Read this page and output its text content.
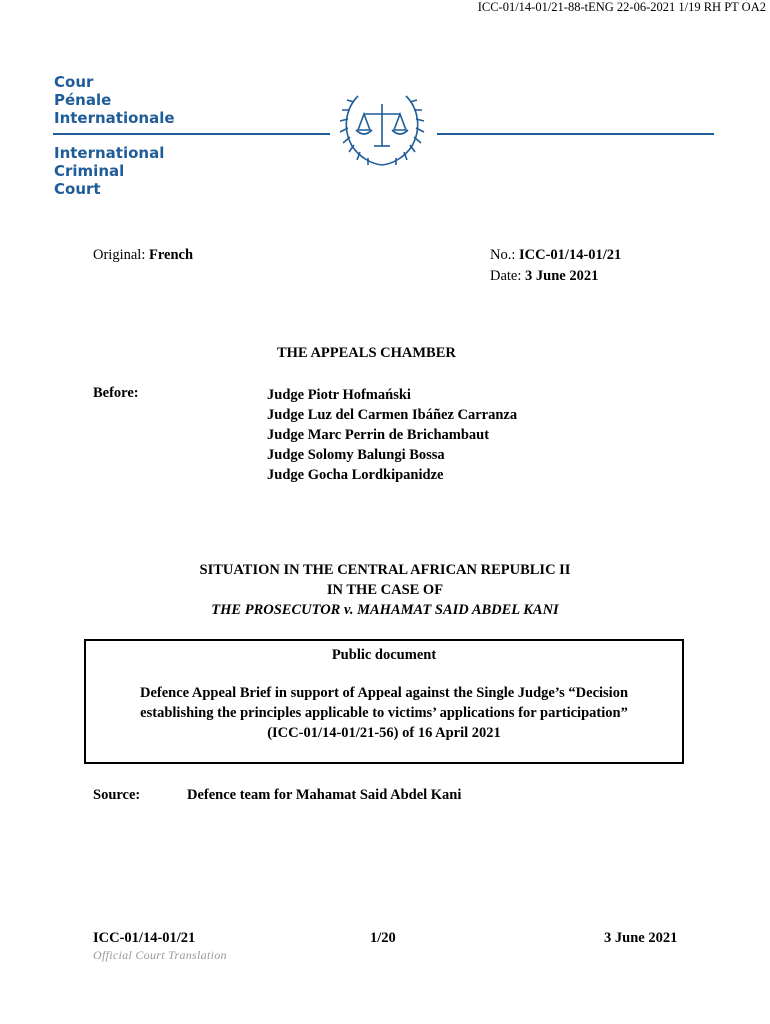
ICC-01/14-01/21-88-tENG 22-06-2021 1/19 RH PT OA2
Cour
Pénale
Internationale
International
Criminal
Court
Original: French	No.: ICC-01/14-01/21
Date: 3 June 2021
THE APPEALS CHAMBER
Before:	Judge Piotr Hofmański
Judge Luz del Carmen Ibáñez Carranza
Judge Marc Perrin de Brichambaut
Judge Solomy Balungi Bossa
Judge Gocha Lordkipanidze
SITUATION IN THE CENTRAL AFRICAN REPUBLIC II
IN THE CASE OF
THE PROSECUTOR v. MAHAMAT SAID ABDEL KANI
Public document
Defence Appeal Brief in support of Appeal against the Single Judge’s “Decision
establishing the principles applicable to victims’ applications for participation”
(ICC-01/14-01/21-56) of 16 April 2021
Source:	Defence team for Mahamat Said Abdel Kani
ICC-01/14-01/21	1/20	3 June 2021
Official Court Translation
